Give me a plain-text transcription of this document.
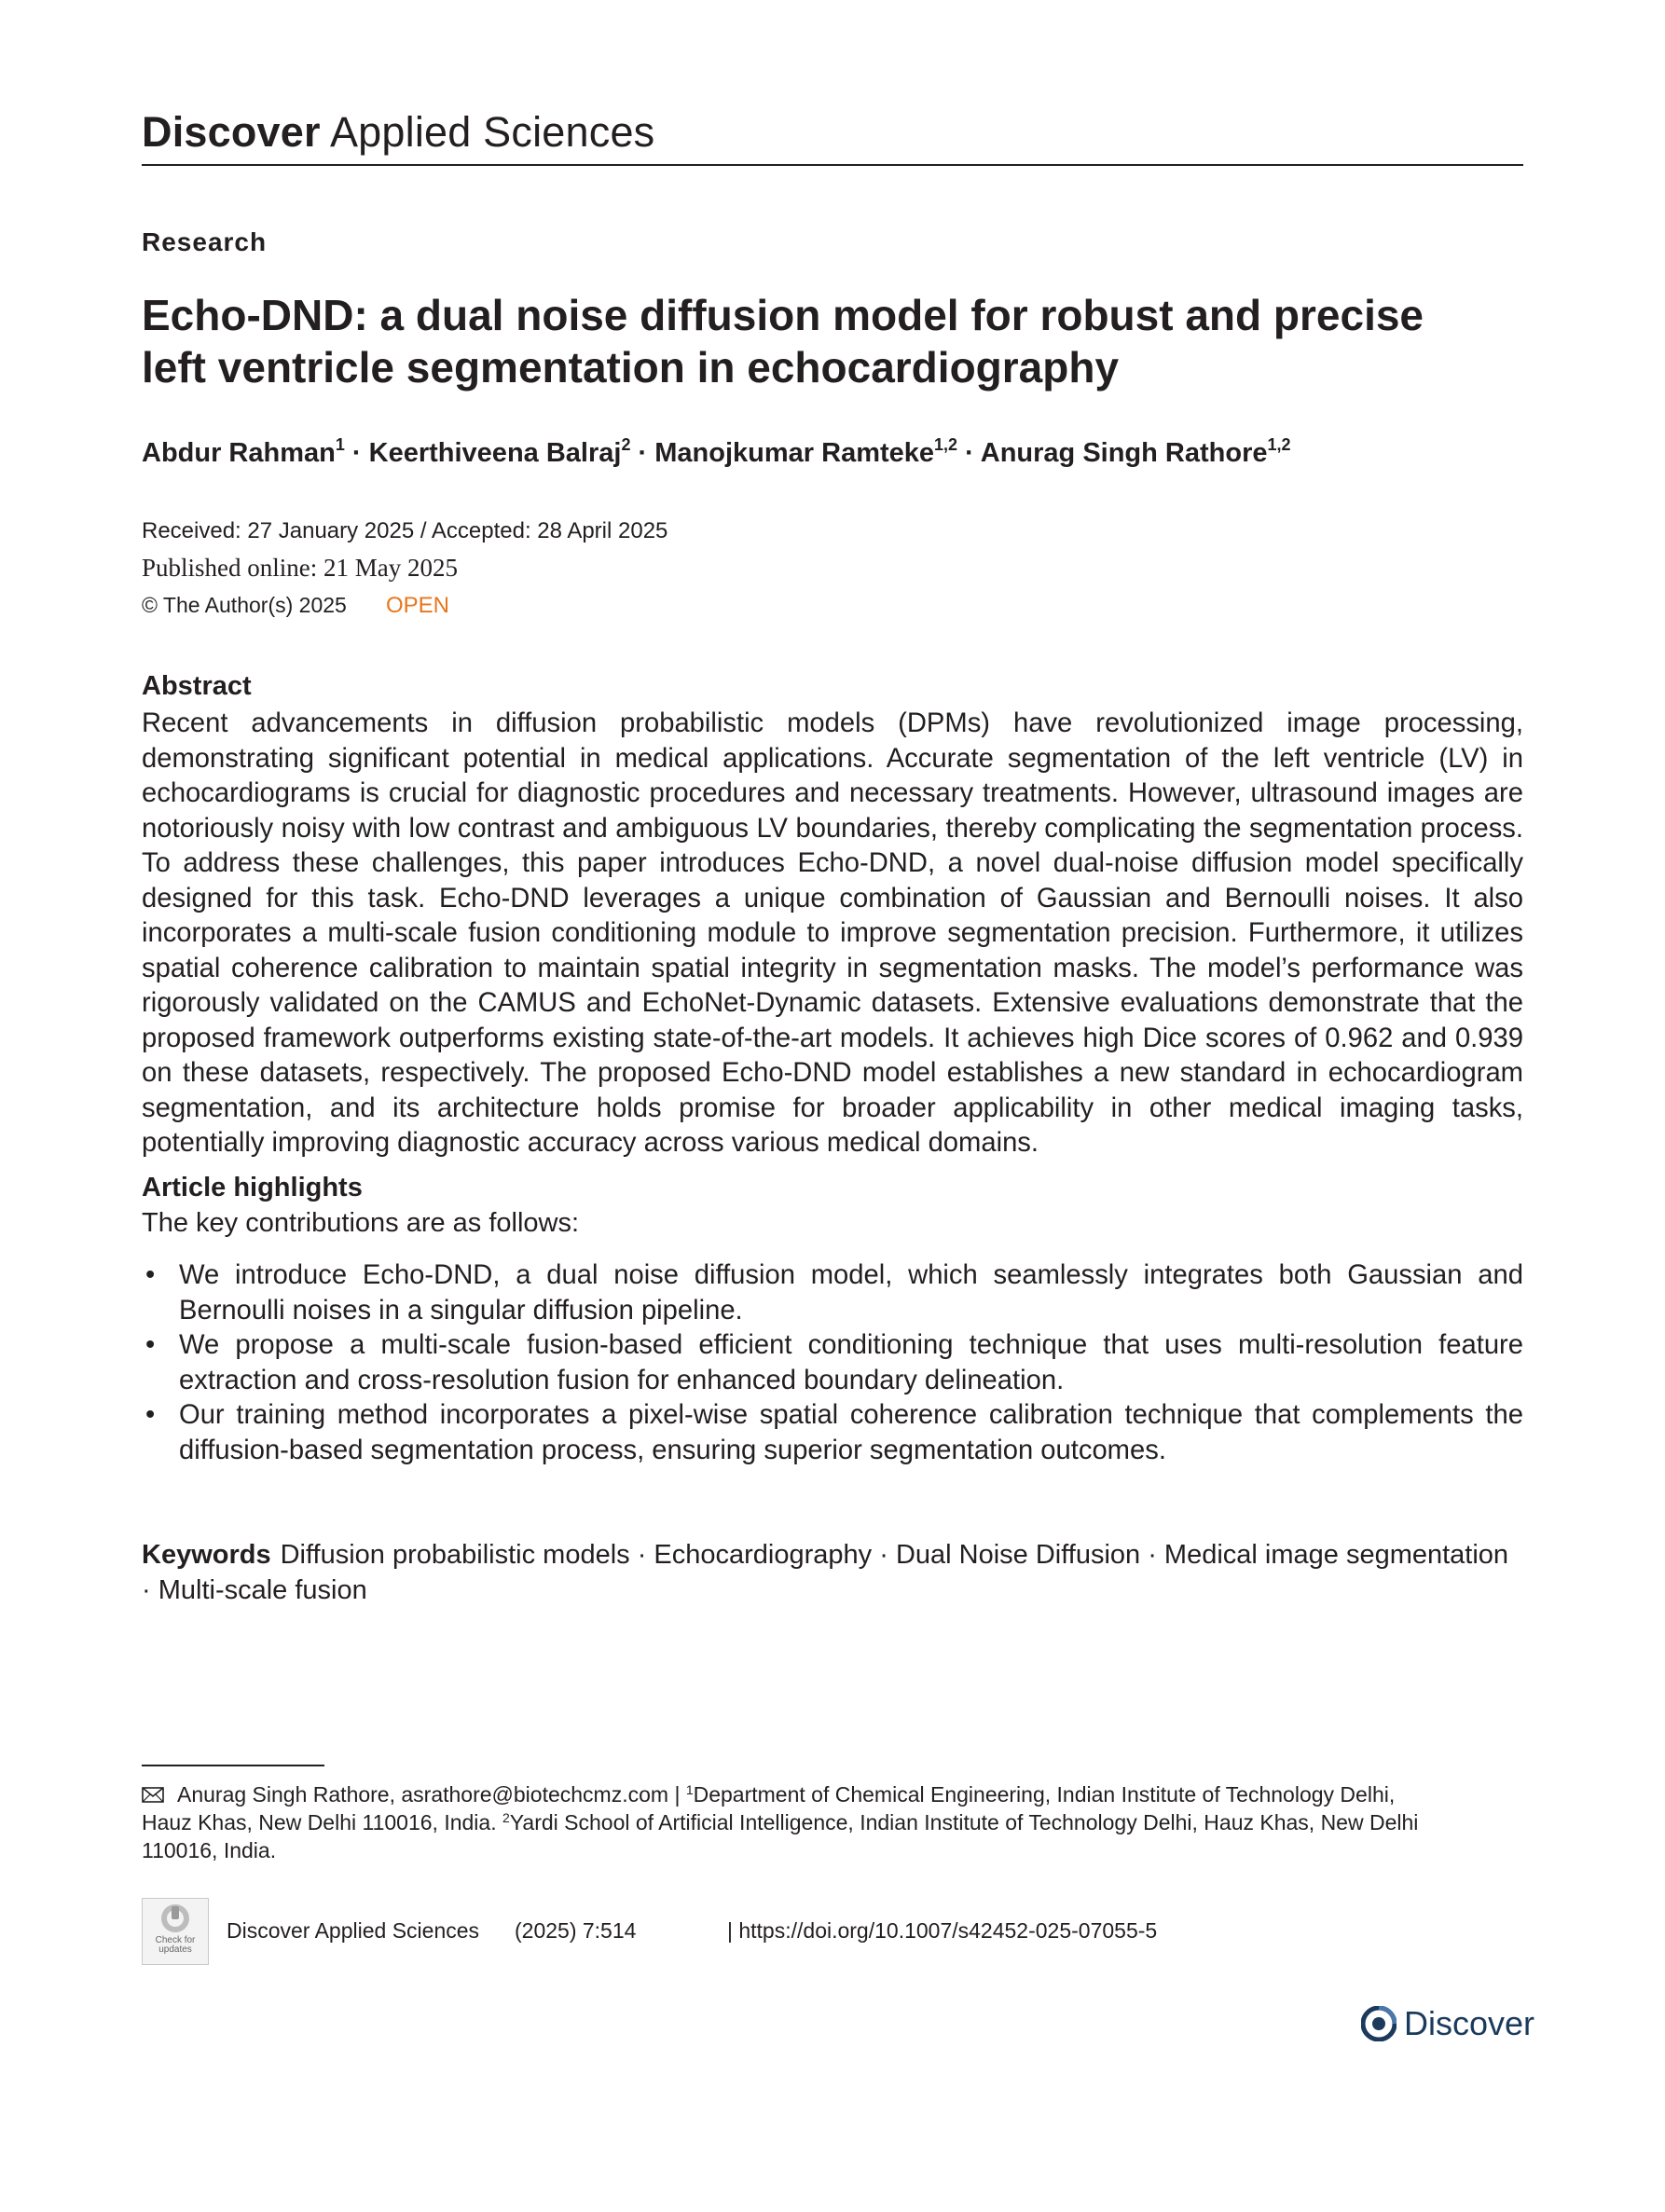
Discover Applied Sciences
Research
Echo-DND: a dual noise diffusion model for robust and precise left ventricle segmentation in echocardiography
Abdur Rahman$^1$ · Keerthiveena Balraj$^2$ · Manojkumar Ramteke$^{1,2}$ · Anurag Singh Rathore$^{1,2}$
Received: 27 January 2025 / Accepted: 28 April 2025
Published online: 21 May 2025
© The Author(s) 2025 OPEN
Abstract
Recent advancements in diffusion probabilistic models (DPMs) have revolutionized image processing, demonstrating significant potential in medical applications. Accurate segmentation of the left ventricle (LV) in echocardiograms is crucial for diagnostic procedures and necessary treatments. However, ultrasound images are notoriously noisy with low contrast and ambiguous LV boundaries, thereby complicating the segmentation process. To address these challenges, this paper introduces Echo-DND, a novel dual-noise diffusion model specifically designed for this task. Echo-DND leverages a unique combination of Gaussian and Bernoulli noises. It also incorporates a multi-scale fusion conditioning module to improve segmentation precision. Furthermore, it utilizes spatial coherence calibration to maintain spatial integrity in segmentation masks. The model’s performance was rigorously validated on the CAMUS and EchoNet-Dynamic datasets. Extensive evaluations demonstrate that the proposed framework outperforms existing state-of-the-art models. It achieves high Dice scores of 0.962 and 0.939 on these datasets, respectively. The proposed Echo-DND model establishes a new standard in echocardiogram segmentation, and its architecture holds promise for broader applicability in other medical imaging tasks, potentially improving diagnostic accuracy across various medical domains.
Article highlights
The key contributions are as follows:
• We introduce Echo-DND, a dual noise diffusion model, which seamlessly integrates both Gaussian and Bernoulli noises in a singular diffusion pipeline.
• We propose a multi-scale fusion-based efficient conditioning technique that uses multi-resolution feature extraction and cross-resolution fusion for enhanced boundary delineation.
• Our training method incorporates a pixel-wise spatial coherence calibration technique that complements the diffusion-based segmentation process, ensuring superior segmentation outcomes.
Keywords Diffusion probabilistic models · Echocardiography · Dual Noise Diffusion · Medical image segmentation · Multi-scale fusion
Anurag Singh Rathore, asrathore@biotechcmz.com | $^1$Department of Chemical Engineering, Indian Institute of Technology Delhi, Hauz Khas, New Delhi 110016, India. $^2$Yardi School of Artificial Intelligence, Indian Institute of Technology Delhi, Hauz Khas, New Delhi 110016, India.
Check for updates
Discover Applied Sciences (2025) 7:514	| https://doi.org/10.1007/s42452-025-07055-5
Discover
